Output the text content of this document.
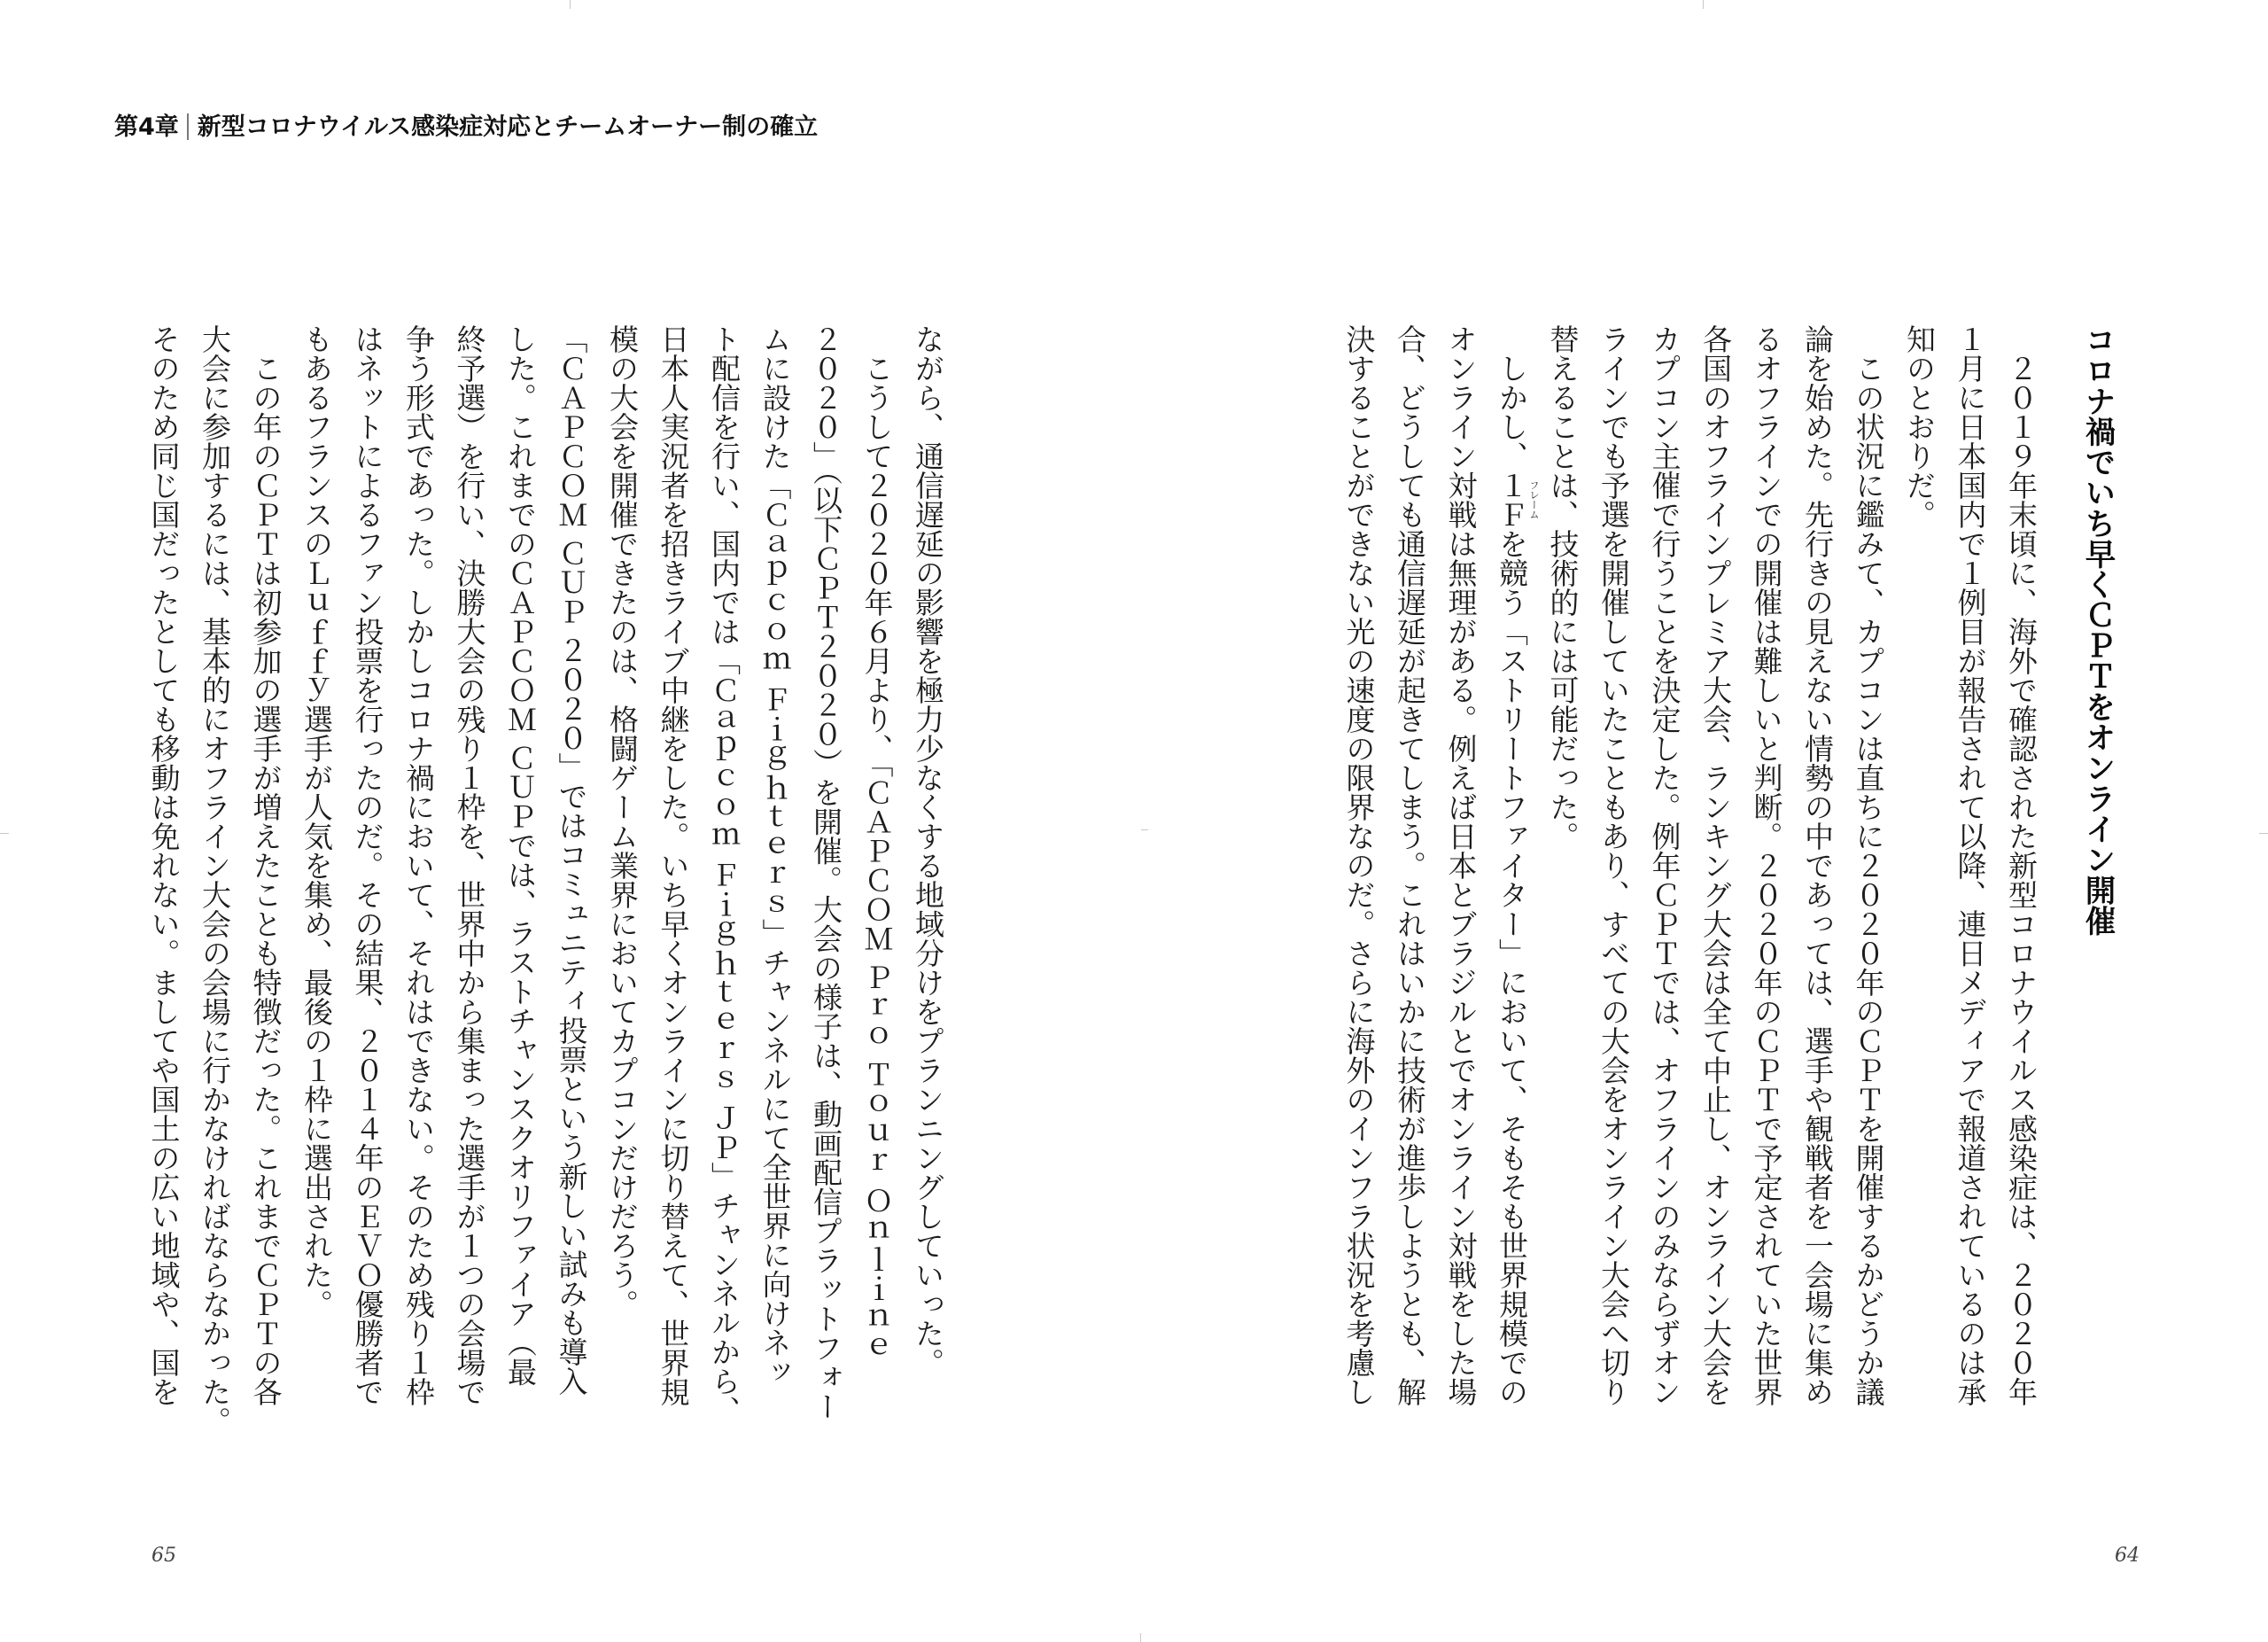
第4章 新型コロナウイルス感染症対応とチームオーナー制の確立
コロナ禍でいち早くＣＰＴをオンライン開催
　２０１９年末頃に、海外で確認された新型コロナウイルス感染症は、２０２０年
１月に日本国内で１例目が報告されて以降、連日メディアで報道されているのは承
知のとおりだ。
　この状況に鑑みて、カプコンは直ちに２０２０年のＣＰＴを開催するかどうか議
論を始めた。先行きの見えない情勢の中であっては、選手や観戦者を一会場に集め
るオフラインでの開催は難しいと判断。２０２０年のＣＰＴで予定されていた世界
各国のオフラインプレミア大会、ランキング大会は全て中止し、オンライン大会を
カプコン主催で行うことを決定した。例年ＣＰＴでは、オフラインのみならずオン
ラインでも予選を開催していたこともあり、すべての大会をオンライン大会へ切り
替えることは、技術的には可能だった。
　しかし、１Ｆ フレーム
を競う「ストリートファイター」において、そもそも世界規模での
オンライン対戦は無理がある。例えば日本とブラジルとでオンライン対戦をした場
合、どうしても通信遅延が起きてしまう。これはいかに技術が進歩しようとも、解
決することができない光の速度の限界なのだ。さらに海外のインフラ状況を考慮し
64
ながら、通信遅延の影響を極力少なくする地域分けをプランニングしていった。
　こうして２０２０年６月より、「ＣＡＰＣＯＭ Ｐｒｏ Ｔｏｕｒ Ｏｎｌｉｎｅ
２０２０」（以下ＣＰＴ２０２０）を開催。大会の様子は、動画配信プラットフォー
ムに設けた「Ｃａｐｃｏｍ Ｆｉｇｈｔｅｒｓ」チャンネルにて全世界に向けネッ
ト配信を行い、国内では「Ｃａｐｃｏｍ Ｆｉｇｈｔｅｒｓ ＪＰ」チャンネルから、
日本人実況者を招きライブ中継をした。いち早くオンラインに切り替えて、世界規
模の大会を開催できたのは、格闘ゲーム業界においてカプコンだけだろう。
「ＣＡＰＣＯＭ ＣＵＰ ２０２０」ではコミュニティ投票という新しい試みも導入
した。これまでのＣＡＰＣＯＭ ＣＵＰでは、ラストチャンスクオリファイア（最
終予選）を行い、決勝大会の残り１枠を、世界中から集まった選手が１つの会場で
争う形式であった。しかしコロナ禍において、それはできない。そのため残り１枠
はネットによるファン投票を行ったのだ。その結果、２０１４年のＥＶＯ優勝者で
もあるフランスのＬｕｆｆｙ選手が人気を集め、最後の１枠に選出された。
　この年のＣＰＴは初参加の選手が増えたことも特徴だった。これまでＣＰＴの各
大会に参加するには、基本的にオフライン大会の会場に行かなければならなかった。
そのため同じ国だったとしても移動は免れない。ましてや国土の広い地域や、国を
65
